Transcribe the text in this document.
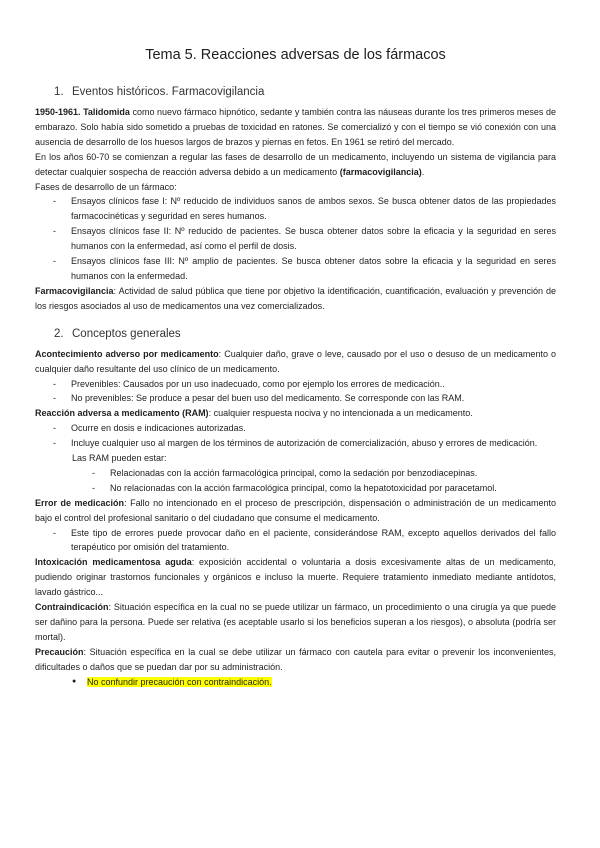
Tema 5. Reacciones adversas de los fármacos
1. Eventos históricos. Farmacovigilancia

1950-1961. Talidomida como nuevo fármaco hipnótico, sedante y también contra las náuseas durante los tres primeros meses de embarazo. Solo había sido sometido a pruebas de toxicidad en ratones. Se comercializó y con el tiempo se vió conexión con una ausencia de desarrollo de los huesos largos de brazos y piernas en fetos. En 1961 se retiró del mercado.

En los años 60-70 se comienzan a regular las fases de desarrollo de un medicamento, incluyendo un sistema de vigilancia para detectar cualquier sospecha de reacción adversa debido a un medicamento (farmacovigilancia).

Fases de desarrollo de un fármaco:

- Ensayos clínicos fase I: Nº reducido de individuos sanos de ambos sexos. Se busca obtener datos de las propiedades farmacocinéticas y seguridad en seres humanos.
- Ensayos clínicos fase II: Nº reducido de pacientes. Se busca obtener datos sobre la eficacia y la seguridad en seres humanos con la enfermedad, así como el perfil de dosis.
- Ensayos clínicos fase III: Nº amplio de pacientes. Se busca obtener datos sobre la eficacia y la seguridad en seres humanos con la enfermedad.

Farmacovigilancia: Actividad de salud pública que tiene por objetivo la identificación, cuantificación, evaluación y prevención de los riesgos asociados al uso de medicamentos una vez comercializados.

2. Conceptos generales

Acontecimiento adverso por medicamento: Cualquier daño, grave o leve, causado por el uso o desuso de un medicamento o cualquier daño resultante del uso clínico de un medicamento.

- Prevenibles: Causados por un uso inadecuado, como por ejemplo los errores de medicación..
- No prevenibles: Se produce a pesar del buen uso del medicamento. Se corresponde con las RAM.

Reacción adversa a medicamento (RAM): cualquier respuesta nociva y no intencionada a un medicamento.

- Ocurre en dosis e indicaciones autorizadas.
- Incluye cualquier uso al margen de los términos de autorización de comercialización, abuso y errores de medicación.
Las RAM pueden estar:
- Relacionadas con la acción farmacológica principal, como la sedación por benzodiacepinas.
- No relacionadas con la acción farmacológica principal, como la hepatotoxicidad por paracetamol.

Error de medicación: Fallo no intencionado en el proceso de prescripción, dispensación o administración de un medicamento bajo el control del profesional sanitario o del ciudadano que consume el medicamento.

- Este tipo de errores puede provocar daño en el paciente, considerándose RAM, excepto aquellos derivados del fallo terapéutico por omisión del tratamiento.

Intoxicación medicamentosa aguda: exposición accidental o voluntaria a dosis excesivamente altas de un medicamento, pudiendo originar trastornos funcionales y orgánicos e incluso la muerte. Requiere tratamiento inmediato mediante antídotos, lavado gástrico...

Contraindicación: Situación específica en la cual no se puede utilizar un fármaco, un procedimiento o una cirugía ya que puede ser dañino para la persona. Puede ser relativa (es aceptable usarlo si los beneficios superan a los riesgos), o absoluta (podría ser mortal).

Precaución: Situación específica en la cual se debe utilizar un fármaco con cautela para evitar o prevenir los inconvenientes, dificultades o daños que se puedan dar por su administración.

● No confundir precaución con contraindicación.
